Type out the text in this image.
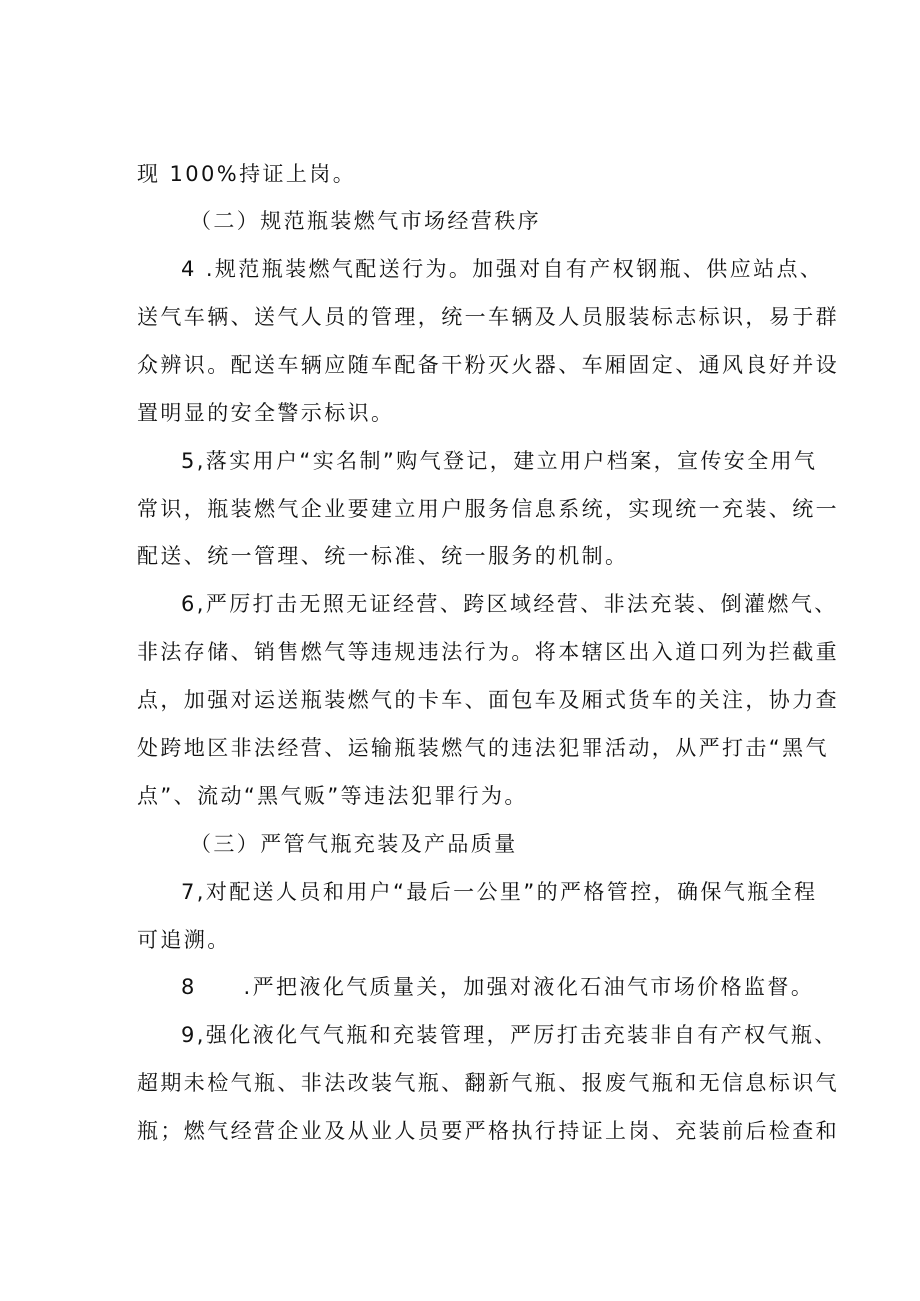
现 100%持证上岗。
（二）规范瓶装燃气市场经营秩序
4 .规范瓶装燃气配送行为。加强对自有产权钢瓶、供应站点、
送气车辆、送气人员的管理，统一车辆及人员服装标志标识，易于群
众辨识。配送车辆应随车配备干粉灭火器、车厢固定、通风良好并设
置明显的安全警示标识。
5,落实用户“实名制”购气登记，建立用户档案，宣传安全用气
常识，瓶装燃气企业要建立用户服务信息系统，实现统一充装、统一
配送、统一管理、统一标准、统一服务的机制。
6,严厉打击无照无证经营、跨区域经营、非法充装、倒灌燃气、
非法存储、销售燃气等违规违法行为。将本辖区出入道口列为拦截重
点，加强对运送瓶装燃气的卡车、面包车及厢式货车的关注，协力查
处跨地区非法经营、运输瓶装燃气的违法犯罪活动，从严打击“黑气
点”、流动“黑气贩”等违法犯罪行为。
（三）严管气瓶充装及产品质量
7,对配送人员和用户“最后一公里”的严格管控，确保气瓶全程
可追溯。
8　　.严把液化气质量关，加强对液化石油气市场价格监督。
9,强化液化气气瓶和充装管理，严厉打击充装非自有产权气瓶、
超期未检气瓶、非法改装气瓶、翻新气瓶、报废气瓶和无信息标识气
瓶；燃气经营企业及从业人员要严格执行持证上岗、充装前后检查和
